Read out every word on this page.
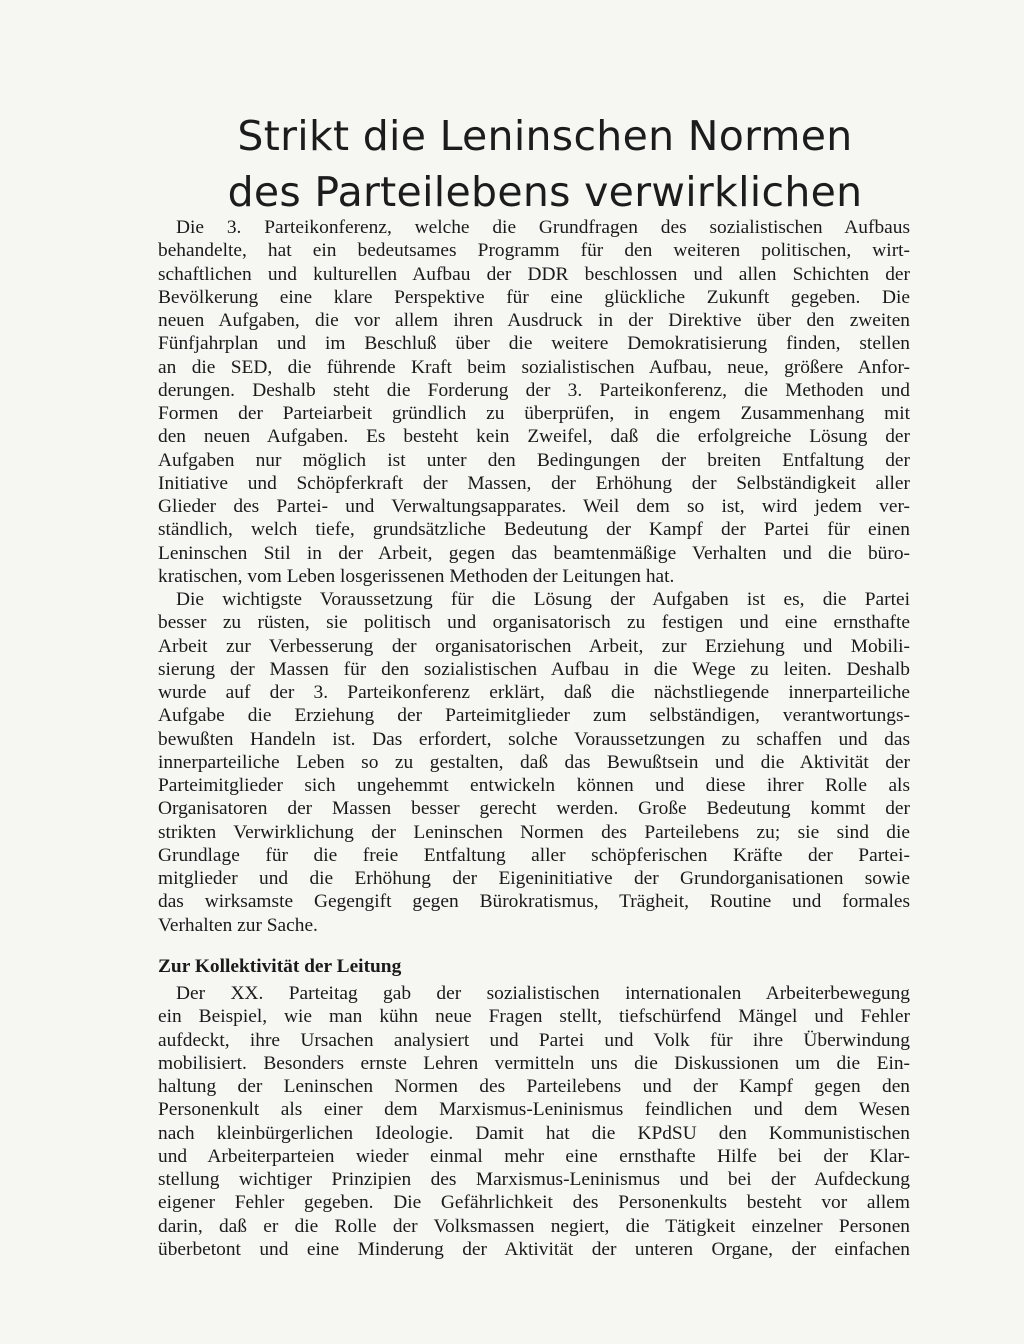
Strikt die Leninschen Normen
des Parteilebens verwirklichen
Die 3. Parteikonferenz, welche die Grundfragen des sozialistischen Aufbaus
behandelte, hat ein bedeutsames Programm für den weiteren politischen, wirt-
schaftlichen und kulturellen Aufbau der DDR beschlossen und allen Schichten der
Bevölkerung eine klare Perspektive für eine glückliche Zukunft gegeben. Die
neuen Aufgaben, die vor allem ihren Ausdruck in der Direktive über den zweiten
Fünfjahrplan und im Beschluß über die weitere Demokratisierung finden, stellen
an die SED, die führende Kraft beim sozialistischen Aufbau, neue, größere Anfor-
derungen. Deshalb steht die Forderung der 3. Parteikonferenz, die Methoden und
Formen der Parteiarbeit gründlich zu überprüfen, in engem Zusammenhang mit
den neuen Aufgaben. Es besteht kein Zweifel, daß die erfolgreiche Lösung der
Aufgaben nur möglich ist unter den Bedingungen der breiten Entfaltung der
Initiative und Schöpferkraft der Massen, der Erhöhung der Selbständigkeit aller
Glieder des Partei- und Verwaltungsapparates. Weil dem so ist, wird jedem ver-
ständlich, welch tiefe, grundsätzliche Bedeutung der Kampf der Partei für einen
Leninschen Stil in der Arbeit, gegen das beamtenmäßige Verhalten und die büro-
kratischen, vom Leben losgerissenen Methoden der Leitungen hat.
Die wichtigste Voraussetzung für die Lösung der Aufgaben ist es, die Partei
besser zu rüsten, sie politisch und organisatorisch zu festigen und eine ernsthafte
Arbeit zur Verbesserung der organisatorischen Arbeit, zur Erziehung und Mobili-
sierung der Massen für den sozialistischen Aufbau in die Wege zu leiten. Deshalb
wurde auf der 3. Parteikonferenz erklärt, daß die nächstliegende innerparteiliche
Aufgabe die Erziehung der Parteimitglieder zum selbständigen, verantwortungs-
bewußten Handeln ist. Das erfordert, solche Voraussetzungen zu schaffen und das
innerparteiliche Leben so zu gestalten, daß das Bewußtsein und die Aktivität der
Parteimitglieder sich ungehemmt entwickeln können und diese ihrer Rolle als
Organisatoren der Massen besser gerecht werden. Große Bedeutung kommt der
strikten Verwirklichung der Leninschen Normen des Parteilebens zu; sie sind die
Grundlage für die freie Entfaltung aller schöpferischen Kräfte der Partei-
mitglieder und die Erhöhung der Eigeninitiative der Grundorganisationen sowie
das wirksamste Gegengift gegen Bürokratismus, Trägheit, Routine und formales
Verhalten zur Sache.
Zur Kollektivität der Leitung
Der XX. Parteitag gab der sozialistischen internationalen Arbeiterbewegung
ein Beispiel, wie man kühn neue Fragen stellt, tiefschürfend Mängel und Fehler
aufdeckt, ihre Ursachen analysiert und Partei und Volk für ihre Überwindung
mobilisiert. Besonders ernste Lehren vermitteln uns die Diskussionen um die Ein-
haltung der Leninschen Normen des Parteilebens und der Kampf gegen den
Personenkult als einer dem Marxismus-Leninismus feindlichen und dem Wesen
nach kleinbürgerlichen Ideologie. Damit hat die KPdSU den Kommunistischen
und Arbeiterparteien wieder einmal mehr eine ernsthafte Hilfe bei der Klar-
stellung wichtiger Prinzipien des Marxismus-Leninismus und bei der Aufdeckung
eigener Fehler gegeben. Die Gefährlichkeit des Personenkults besteht vor allem
darin, daß er die Rolle der Volksmassen negiert, die Tätigkeit einzelner Personen
überbetont und eine Minderung der Aktivität der unteren Organe, der einfachen
